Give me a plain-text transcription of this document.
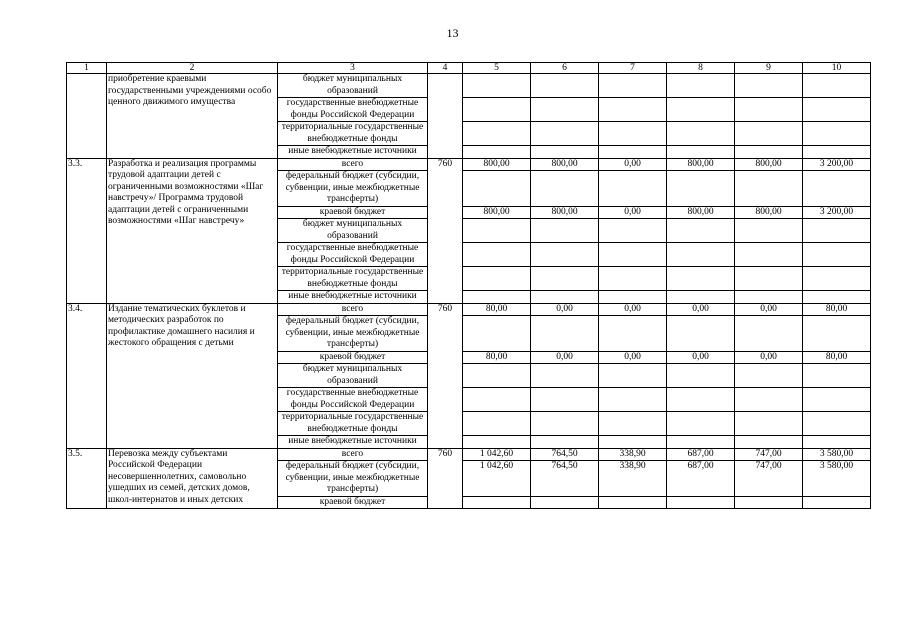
13
1	2	3	4	5	6	7	8	9	10
	приобретение краевыми государственными учреждениями особо ценного движимого имущества	бюджет муниципальных образований							
		государственные внебюджетные фонды Российской Федерации							
		территориальные государственные внебюджетные фонды							
		иные внебюджетные источники							
3.3.	Разработка и реализация программы трудовой адаптации детей с ограниченными возможностями «Шаг навстречу»/ Программа трудовой адаптации детей с ограниченными возможностями «Шаг навстречу»	всего	760	800,00	800,00	0,00	800,00	800,00	3 200,00
		федеральный бюджет (субсидии, субвенции, иные межбюджетные трансферты)							
		краевой бюджет		800,00	800,00	0,00	800,00	800,00	3 200,00
		бюджет муниципальных образований							
		государственные внебюджетные фонды Российской Федерации							
		территориальные государственные внебюджетные фонды							
		иные внебюджетные источники							
3.4.	Издание тематических буклетов и методических разработок по профилактике домашнего насилия и жестокого обращения с детьми	всего	760	80,00	0,00	0,00	0,00	0,00	80,00
		федеральный бюджет (субсидии, субвенции, иные межбюджетные трансферты)							
		краевой бюджет		80,00	0,00	0,00	0,00	0,00	80,00
		бюджет муниципальных образований							
		государственные внебюджетные фонды Российской Федерации							
		территориальные государственные внебюджетные фонды							
		иные внебюджетные источники							
3.5.	Перевозка между субъектами Российской Федерации несовершеннолетних, самовольно ушедших из семей, детских домов, школ-интернатов и иных детских	всего	760	1 042,60	764,50	338,90	687,00	747,00	3 580,00
		федеральный бюджет (субсидии, субвенции, иные межбюджетные трансферты)		1 042,60	764,50	338,90	687,00	747,00	3 580,00
		краевой бюджет							
